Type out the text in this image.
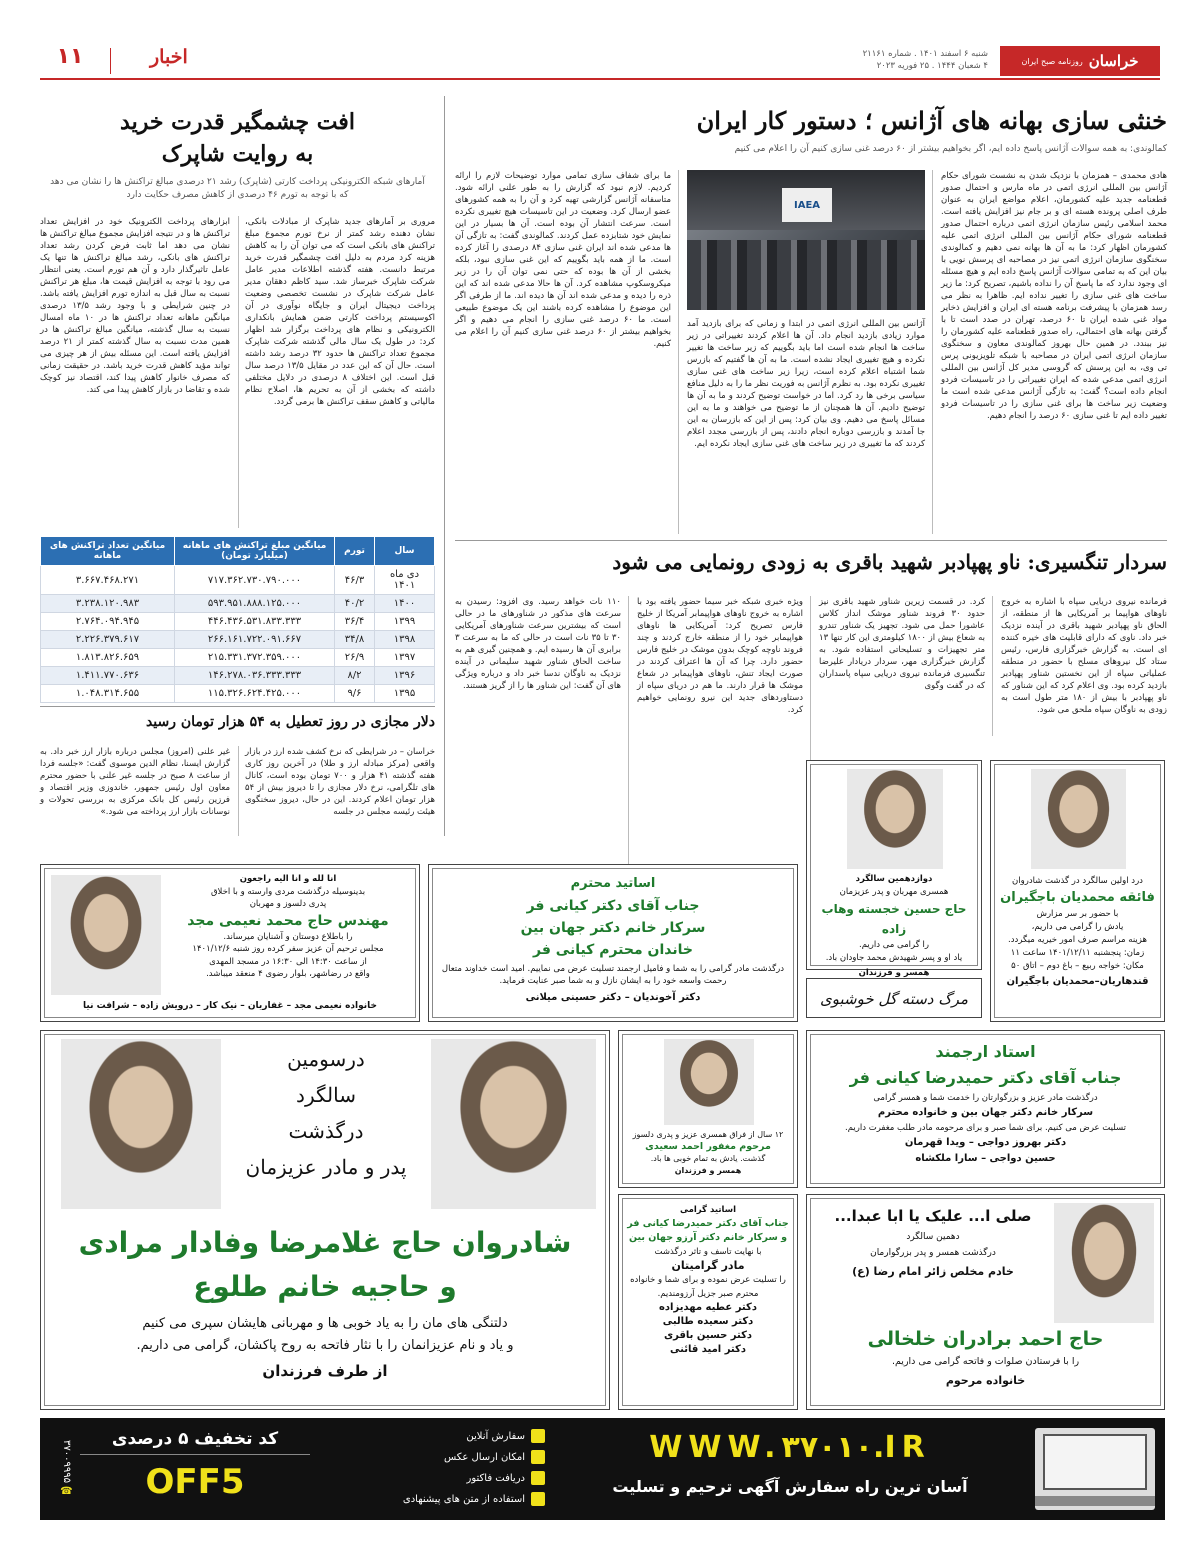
خراسان
روزنامه صبح ایران
شنبه ۶ اسفند ۱۴۰۱ . شماره ۲۱۱۶۱
۴ شعبان ۱۴۴۴ . ۲۵ فوریه ۲۰۲۳
اخبار
۱۱
خنثی سازی بهانه های آژانس ؛ دستور کار ایران
کمالوندی: به همه سوالات آژانس پاسخ داده ایم، اگر بخواهیم بیشتر از ۶۰ درصد غنی سازی کنیم آن را اعلام می کنیم
هادی محمدی – همزمان با نزدیک شدن به نشست شورای حکام آژانس بین المللی انرژی اتمی در ماه مارس و احتمال صدور قطعنامه جدید علیه کشورمان، اعلام مواضع ایران به عنوان طرف اصلی پرونده هسته ای و بر جام نیز افزایش یافته است. محمد اسلامی رئیس سازمان انرژی اتمی درباره احتمال صدور قطعنامه شورای حکام آژانس بین المللی انرژی اتمی علیه کشورمان اظهار کرد: ما به آن ها بهانه نمی دهیم و کمالوندی سخنگوی سازمان انرژی اتمی نیز در مصاحبه ای پرسش نویی با بیان این که به تمامی سوالات آژانس پاسخ داده ایم و هیچ مسئله ای وجود ندارد که ما پاسخ آن را نداده باشیم، تصریح کرد: ما زیر ساخت های غنی سازی را تغییر نداده ایم. ظاهرا به نظر می رسد همزمان با پیشرفت برنامه هسته ای ایران و افزایش ذخایر مواد غنی شده ایران تا ۶۰ درصد، تهران در صدد است تا با گرفتن بهانه های احتمالی، راه صدور قطعنامه علیه کشورمان را نیز ببندد. در همین حال بهروز کمالوندی معاون و سخنگوی سازمان انرژی اتمی ایران در مصاحبه با شبکه تلویزیونی پرس تی وی، به این پرسش که گروسی مدیر کل آژانس بین المللی انرژی اتمی مدعی شده که ایران تغییراتی را در تاسیسات فردو انجام داده است؟ گفت: به تازگی آژانس مدعی شده است ما وضعیت زیر ساخت ها برای غنی سازی را در تاسیسات فردو تغییر داده ایم تا غنی سازی ۶۰ درصد را انجام دهیم.
IAEA
آژانس بین المللی انرژی اتمی در ابتدا و زمانی که برای بازدید آمد موارد زیادی بازدید انجام داد. آن ها اعلام کردند تغییراتی در زیر ساخت ها انجام شده است اما باید بگوییم که زیر ساخت ها تغییر نکرده و هیچ تغییری ایجاد نشده است. ما به آن ها گفتیم که بازرس شما اشتباه اعلام کرده است، زیرا زیر ساخت های غنی سازی تغییری نکرده بود. به نظرم آژانس به فوریت نظر ما را به دلیل منافع سیاسی برخی ها رد کرد. اما در خواست توضیح کردند و ما به آن ها توضیح دادیم. آن ها همچنان از ما توضیح می خواهند و ما به این مسائل پاسخ می دهیم. وی بیان کرد: پس از این که بازرسان به این جا آمدند و بازرسی دوباره انجام دادند، پس از بازرسی مجدد اعلام کردند که ما تغییری در زیر ساخت های غنی سازی ایجاد نکرده ایم.
ما برای شفاف سازی تمامی موارد توضیحات لازم را ارائه کردیم. لازم نبود که گزارش را به طور علنی ارائه شود. متاسفانه آژانس گزارشی تهیه کرد و آن را به همه کشورهای عضو ارسال کرد. وضعیت در این تاسیسات هیچ تغییری نکرده است. سرعت انتشار آن بوده است. آن ها بسیار در این نمایش خود شتابزده عمل کردند. کمالوندی گفت: به تازگی آن ها مدعی شده اند ایران غنی سازی ۸۴ درصدی را آغاز کرده است. ما از همه باید بگوییم که این غنی سازی نبود، بلکه بخشی از آن ها بوده که حتی نمی توان آن را در زیر میکروسکوپ مشاهده کرد. آن ها حالا مدعی شده اند که این ذره را دیده و مدعی شده اند آن ها دیده اند. ما از طرفی اگر این موضوع را مشاهده کرده باشند این یک موضوع طبیعی است. ما ۶۰ درصد غنی سازی را انجام می دهیم و اگر بخواهیم بیشتر از ۶۰ درصد غنی سازی کنیم آن را اعلام می کنیم.
افت چشمگیر قدرت خرید
به روایت شاپرک
آمارهای شبکه الکترونیکی پرداخت کارتی (شاپرک) رشد ۲۱ درصدی مبالغ تراکنش ها را نشان می دهد که با توجه به تورم ۴۶ درصدی از کاهش مصرف حکایت دارد
مروری بر آمارهای جدید شاپرک از مبادلات بانکی، نشان دهنده رشد کمتر از نرخ تورم مجموع مبلغ تراکنش های بانکی است که می توان آن را به کاهش هزینه کرد مردم به دلیل افت چشمگیر قدرت خرید مرتبط دانست. هفته گذشته اطلاعات مدیر عامل شرکت شاپرک خبرساز شد. سید کاظم دهقان مدیر عامل شرکت شاپرک در نشست تخصصی وضعیت پرداخت دیجیتال ایران و جایگاه نوآوری در آن اکوسیستم پرداخت کارتی ضمن همایش بانکداری الکترونیکی و نظام های پرداخت برگزار شد اظهار کرد: در طول یک سال مالی گذشته شرکت شاپرک مجموع تعداد تراکنش ها حدود ۳۲ درصد رشد داشته است. حال آن که این عدد در مقایل ۱۳/۵ درصد سال قبل است. این اختلاف ۸ درصدی در دلایل مختلفی داشته که بخشی از آن به تحریم ها، اصلاح نظام مالیاتی و کاهش سقف تراکنش ها برمی گردد.
ابزارهای پرداخت الکترونیک خود در افزایش تعداد تراکنش ها و در نتیجه افزایش مجموع مبالغ تراکنش ها نشان می دهد اما ثابت فرض کردن رشد تعداد تراکنش های بانکی، رشد مبالغ تراکنش ها تنها یک عامل تاثیرگذار دارد و آن هم تورم است. یعنی انتظار می رود با توجه به افزایش قیمت ها، مبلغ هر تراکنش نسبت به سال قبل به اندازه تورم افزایش یافته باشد. در چنین شرایطی و با وجود رشد ۱۳/۵ درصدی میانگین ماهانه تعداد تراکنش ها در ۱۰ ماه امسال نسبت به سال گذشته، میانگین مبالغ تراکنش ها در همین مدت نسبت به سال گذشته کمتر از ۲۱ درصد افزایش یافته است. این مسئله بیش از هر چیزی می تواند مؤید کاهش قدرت خرید باشد. در حقیقت زمانی که مصرف خانوار کاهش پیدا کند، اقتصاد نیز کوچک شده و تقاضا در بازار کاهش پیدا می کند.
سال	تورم	میانگین مبلغ تراکنش های ماهانه (میلیارد تومان)	میانگین تعداد تراکنش های ماهانه
دی ماه ۱۴۰۱	۴۶/۳	۷۱۷.۳۶۲.۷۳۰.۷۹۰.۰۰۰	۳.۶۶۷.۴۶۸.۲۷۱
۱۴۰۰	۴۰/۲	۵۹۳.۹۵۱.۸۸۸.۱۲۵.۰۰۰	۳.۲۳۸.۱۲۰.۹۸۳
۱۳۹۹	۳۶/۴	۴۴۶.۴۳۶.۵۳۱.۸۳۳.۳۳۳	۲.۷۶۴.۰۹۴.۹۴۵
۱۳۹۸	۳۴/۸	۲۶۶.۱۶۱.۷۲۲.۰۹۱.۶۶۷	۲.۲۲۶.۳۷۹.۶۱۷
۱۳۹۷	۲۶/۹	۲۱۵.۳۳۱.۳۷۲.۳۵۹.۰۰۰	۱.۸۱۳.۸۲۶.۶۵۹
۱۳۹۶	۸/۲	۱۴۶.۲۷۸.۰۳۶.۳۳۳.۳۳۳	۱.۴۱۱.۷۷۰.۶۳۶
۱۳۹۵	۹/۶	۱۱۵.۳۲۶.۶۲۴.۴۲۵.۰۰۰	۱.۰۴۸.۳۱۴.۶۵۵
سردار تنگسیری: ناو پهپادبر شهید باقری به زودی رونمایی می شود
فرمانده نیروی دریایی سپاه با اشاره به خروج ناوهای هواپیما بر آمریکایی ها از منطقه، از الحاق ناو پهپادبر شهید باقری در آینده نزدیک خبر داد. ناوی که دارای قابلیت های خیره کننده ای است. به گزارش خبرگزاری فارس، رئیس ستاد کل نیروهای مسلح با حضور در منطقه عملیاتی سپاه از این نخستین شناور پهپادبر بازدید کرده بود. وی اعلام کرد که این شناور که ناو پهپادبر با بیش از ۱۸۰ متر طول است به زودی به ناوگان سپاه ملحق می شود.
کرد. در قسمت زیرین شناور شهید باقری نیز حدود ۳۰ فروند شناور موشک انداز کلاس عاشورا حمل می شود. تجهیز یک شناور تندرو به شعاع بیش از ۱۸۰۰ کیلومتری این کار تنها ۱۳ متر تجهیزات و تسلیحاتی استفاده شود. به گزارش خبرگزاری مهر، سردار دریادار علیرضا تنگسیری فرمانده نیروی دریایی سپاه پاسداران که در گفت وگوی
ویژه خبری شبکه خبر سیما حضور یافته بود با اشاره به خروج ناوهای هواپیمابر آمریکا از خلیج فارس تصریح کرد: آمریکایی ها ناوهای هواپیمابر خود را از منطقه خارج کردند و چند فروند ناوچه کوچک بدون موشک در خلیج فارس حضور دارد. چرا که آن ها اعتراف کردند در صورت ایجاد تنش، ناوهای هواپیمابر در شعاع موشک ها قرار دارند. ما هم در دریای سپاه از دستاوردهای جدید این نیرو رونمایی خواهیم کرد.
۱۱۰ نات خواهد رسید. وی افزود: رسیدن به سرعت های مذکور در شناورهای ما در حالی است که بیشترین سرعت شناورهای آمریکایی ۳۰ تا ۳۵ نات است در حالی که ما به سرعت ۳ برابری آن ها رسیده ایم. و همچنین گیری هم به ساخت الحاق شناور شهید سلیمانی در آینده نزدیک به ناوگان ندسا خبر داد و درباره ویژگی های آن گفت: این شناور ها را از گریز هستند.
دلار مجازی در روز تعطیل به ۵۴ هزار تومان رسید
خراسان – در شرایطی که نرخ کشف شده ارز در بازار واقعی (مرکز مبادله ارز و طلا) در آخرین روز کاری هفته گذشته ۴۱ هزار و ۷۰۰ تومان بوده است، کانال های تلگرامی، نرخ دلار مجازی را تا دیروز بیش از ۵۴ هزار تومان اعلام کردند. این در حال، دیروز سخنگوی هیئت رئیسه مجلس در جلسه
غیر علنی (امروز) مجلس درباره بازار ارز خبر داد. به گزارش ایسنا، نظام الدین موسوی گفت: «جلسه فردا از ساعت ۸ صبح در جلسه غیر علنی با حضور محترم معاون اول رئیس جمهور، خاندوزی وزیر اقتصاد و فرزین رئیس کل بانک مرکزی به بررسی تحولات و نوسانات بازار ارز پرداخته می شود.»
درد اولین سالگرد در گذشت شادروان
فائقه محمدیان باجگیران
با حضور بر سر مزارش
یادش را گرامی می داریم،
هزینه مراسم صرف امور خیریه میگردد.
زمان: پنجشنبه ۱۴۰۱/۱۲/۱۱ ساعت ۱۱
مکان: خواجه ربیع – باغ دوم – اتاق ۵۰
قندهاریان–محمدیان باجگیران
دوازدهمین سالگرد
همسری مهربان و پدر عزیزمان
حاج حسین خجسته وهاب زاده
را گرامی می داریم.
یاد او و پسر شهیدش محمد جاودان باد.
همسر و فرزندان
مرگ دسته گل خوشبوی
اساتید محترم
جناب آقای دکتر کیانی فر
سرکار خانم دکتر جهان بین
خاندان محترم کیانی فر
درگذشت مادر گرامی را به شما و فامیل ارجمند تسلیت عرض می نماییم. امید است خداوند متعال رحمت واسعه خود را به ایشان نازل و به شما صبر عنایت فرماید.
دکتر آخوندیان – دکتر حسینی میلانی
انا لله و انا الیه راجعون
بدینوسیله درگذشت مردی وارسته و با اخلاق
پدری دلسوز و مهربان
مهندس حاج محمد نعیمی مجد
را باطلاع دوستان و آشنایان میرساند.
مجلس ترحیم آن عزیز سفر کرده روز شنبه ۱۴۰۱/۱۲/۶
از ساعت ۱۴:۳۰ الی ۱۶:۳۰ در مسجد المهدی
واقع در رضاشهر، بلوار رضوی ۴ منعقد میباشد.
خانواده نعیمی مجد – غفاریان – نیک کار – درویش زاده – شرافت نیا
درسومین
سالگرد
درگذشت
پدر و مادر عزیزمان
شادروان حاج غلامرضا وفادار مرادی
و حاجیه خانم طلوع
دلتنگی های مان را به یاد خوبی ها و مهربانی هایشان سپری می کنیم
و یاد و نام عزیزانمان را با نثار فاتحه به روح پاکشان، گرامی می داریم.
از طرف فرزندان
۱۲ سال از فراق همسری عزیز و پدری دلسوز
مرحوم مغفور احمد سعیدی
گذشت. یادش به تمام خوبی ها باد.
همسر و فرزندان
استاد ارجمند
جناب آقای دکتر حمیدرضا کیانی فر
درگذشت مادر عزیز و بزرگوارتان را خدمت شما و همسر گرامی
سرکار خانم دکتر جهان بین و خانواده محترم
تسلیت عرض می کنیم. برای شما صبر و برای مرحومه مادر طلب مغفرت داریم.
دکتر بهروز دواجی – ویدا قهرمان
حسین دواجی – سارا ملکشاه
اساتید گرامی
جناب آقای دکتر حمیدرضا کیانی فر
و سرکار خانم دکتر آرزو جهان بین
با نهایت تاسف و تاثر درگذشت
مادر گرامیتان
را تسلیت عرض نموده و برای شما و خانواده محترم صبر جزیل آرزومندیم.
دکتر عطیه مهدیزاده
دکتر سعیده طالبی
دکتر حسین باقری
دکتر امید قائنی
صلی ا... علیک یا ابا عبدا...
دهمین سالگرد
درگذشت همسر و پدر بزرگوارمان
خادم مخلص زائر امام رضا (ع)
حاج احمد برادران خلخالی
را با فرستادن صلوات و فاتحه گرامی می داریم.
خانواده مرحوم
WWW.۳۷۰۱۰.IR
آسان ترین راه سفارش آگهی ترحیم و تسلیت
سفارش آنلاین
امکان ارسال عکس
دریافت فاکتور
استفاده از متن های پیشنهادی
کد تخفیف ۵ درصدی
OFF5
☎ ۳۷۰۰۹۹۹۵
